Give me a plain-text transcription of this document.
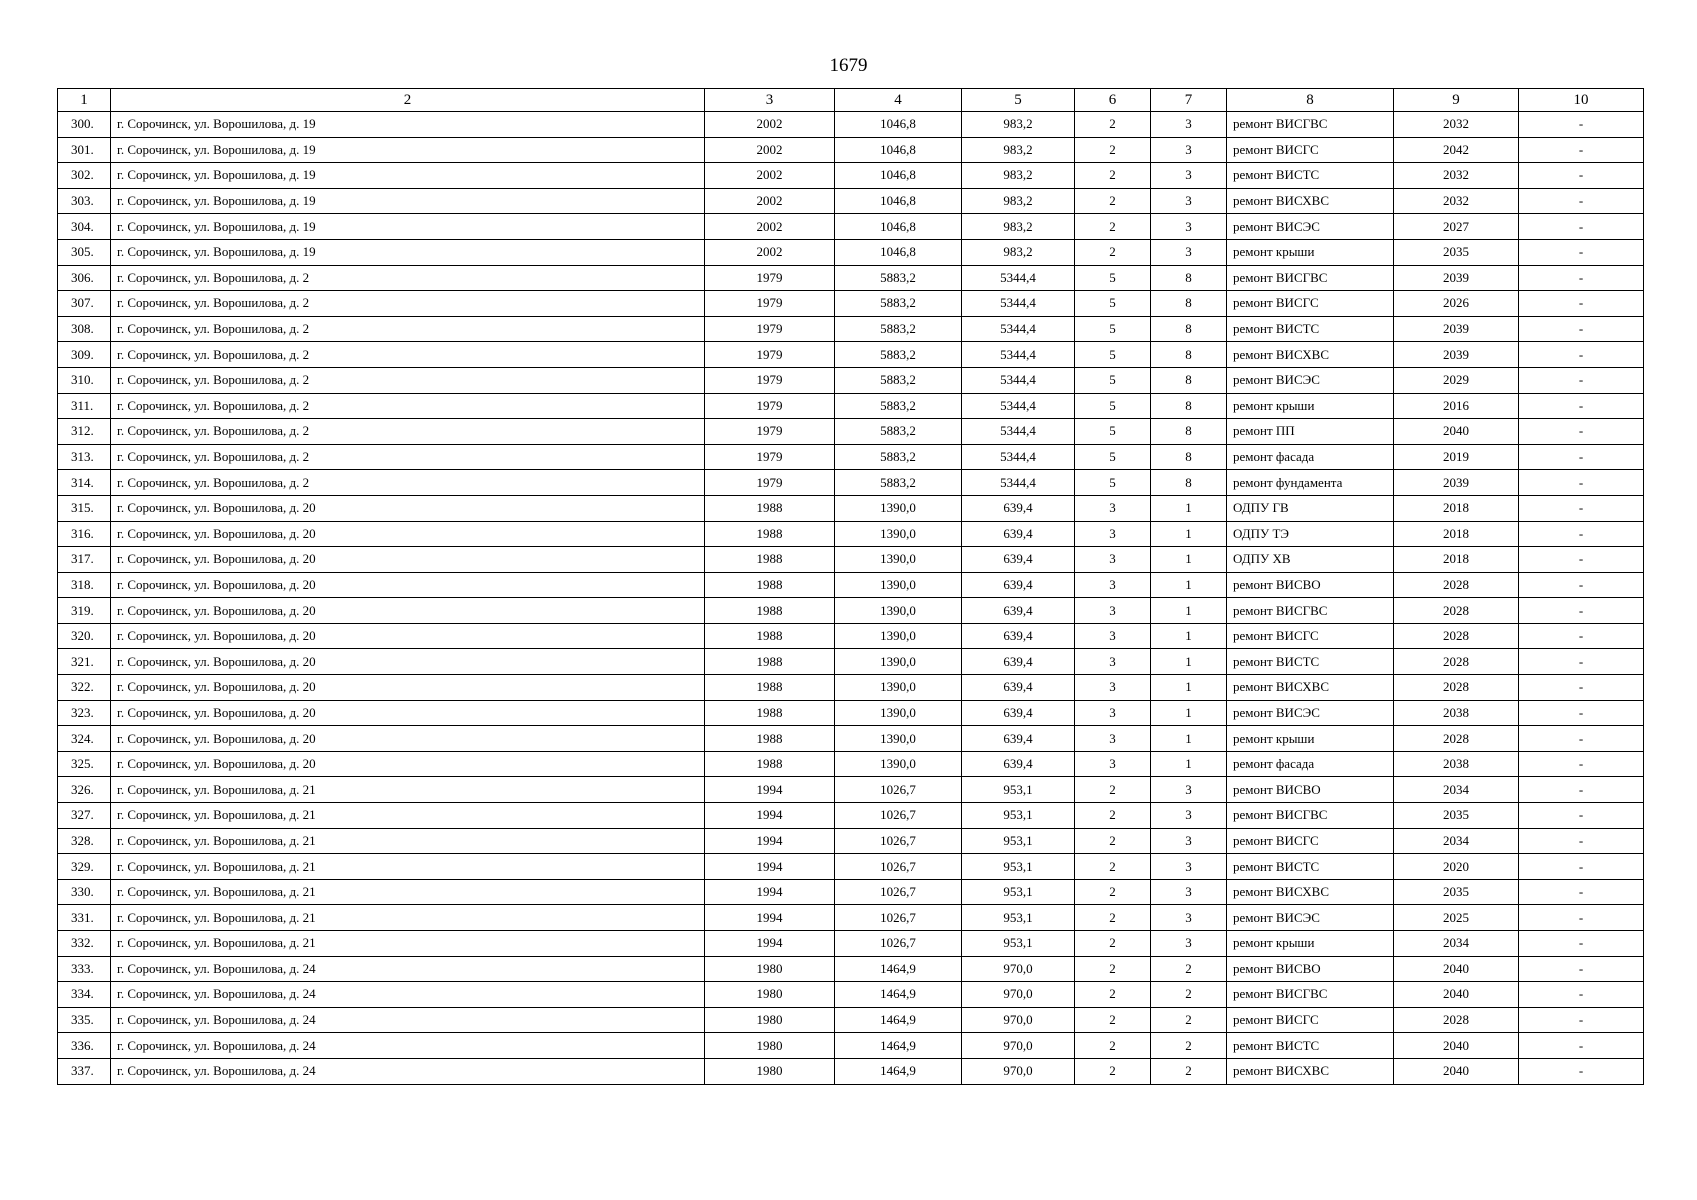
1679
1	2	3	4	5	6	7	8	9	10
300.	г. Сорочинск, ул. Ворошилова, д. 19	2002	1046,8	983,2	2	3	ремонт ВИСГВС	2032	-
301.	г. Сорочинск, ул. Ворошилова, д. 19	2002	1046,8	983,2	2	3	ремонт ВИСГС	2042	-
302.	г. Сорочинск, ул. Ворошилова, д. 19	2002	1046,8	983,2	2	3	ремонт ВИСТС	2032	-
303.	г. Сорочинск, ул. Ворошилова, д. 19	2002	1046,8	983,2	2	3	ремонт ВИСХВС	2032	-
304.	г. Сорочинск, ул. Ворошилова, д. 19	2002	1046,8	983,2	2	3	ремонт ВИСЭС	2027	-
305.	г. Сорочинск, ул. Ворошилова, д. 19	2002	1046,8	983,2	2	3	ремонт крыши	2035	-
306.	г. Сорочинск, ул. Ворошилова, д. 2	1979	5883,2	5344,4	5	8	ремонт ВИСГВС	2039	-
307.	г. Сорочинск, ул. Ворошилова, д. 2	1979	5883,2	5344,4	5	8	ремонт ВИСГС	2026	-
308.	г. Сорочинск, ул. Ворошилова, д. 2	1979	5883,2	5344,4	5	8	ремонт ВИСТС	2039	-
309.	г. Сорочинск, ул. Ворошилова, д. 2	1979	5883,2	5344,4	5	8	ремонт ВИСХВС	2039	-
310.	г. Сорочинск, ул. Ворошилова, д. 2	1979	5883,2	5344,4	5	8	ремонт ВИСЭС	2029	-
311.	г. Сорочинск, ул. Ворошилова, д. 2	1979	5883,2	5344,4	5	8	ремонт крыши	2016	-
312.	г. Сорочинск, ул. Ворошилова, д. 2	1979	5883,2	5344,4	5	8	ремонт ПП	2040	-
313.	г. Сорочинск, ул. Ворошилова, д. 2	1979	5883,2	5344,4	5	8	ремонт фасада	2019	-
314.	г. Сорочинск, ул. Ворошилова, д. 2	1979	5883,2	5344,4	5	8	ремонт фундамента	2039	-
315.	г. Сорочинск, ул. Ворошилова, д. 20	1988	1390,0	639,4	3	1	ОДПУ ГВ	2018	-
316.	г. Сорочинск, ул. Ворошилова, д. 20	1988	1390,0	639,4	3	1	ОДПУ ТЭ	2018	-
317.	г. Сорочинск, ул. Ворошилова, д. 20	1988	1390,0	639,4	3	1	ОДПУ ХВ	2018	-
318.	г. Сорочинск, ул. Ворошилова, д. 20	1988	1390,0	639,4	3	1	ремонт ВИСВО	2028	-
319.	г. Сорочинск, ул. Ворошилова, д. 20	1988	1390,0	639,4	3	1	ремонт ВИСГВС	2028	-
320.	г. Сорочинск, ул. Ворошилова, д. 20	1988	1390,0	639,4	3	1	ремонт ВИСГС	2028	-
321.	г. Сорочинск, ул. Ворошилова, д. 20	1988	1390,0	639,4	3	1	ремонт ВИСТС	2028	-
322.	г. Сорочинск, ул. Ворошилова, д. 20	1988	1390,0	639,4	3	1	ремонт ВИСХВС	2028	-
323.	г. Сорочинск, ул. Ворошилова, д. 20	1988	1390,0	639,4	3	1	ремонт ВИСЭС	2038	-
324.	г. Сорочинск, ул. Ворошилова, д. 20	1988	1390,0	639,4	3	1	ремонт крыши	2028	-
325.	г. Сорочинск, ул. Ворошилова, д. 20	1988	1390,0	639,4	3	1	ремонт фасада	2038	-
326.	г. Сорочинск, ул. Ворошилова, д. 21	1994	1026,7	953,1	2	3	ремонт ВИСВО	2034	-
327.	г. Сорочинск, ул. Ворошилова, д. 21	1994	1026,7	953,1	2	3	ремонт ВИСГВС	2035	-
328.	г. Сорочинск, ул. Ворошилова, д. 21	1994	1026,7	953,1	2	3	ремонт ВИСГС	2034	-
329.	г. Сорочинск, ул. Ворошилова, д. 21	1994	1026,7	953,1	2	3	ремонт ВИСТС	2020	-
330.	г. Сорочинск, ул. Ворошилова, д. 21	1994	1026,7	953,1	2	3	ремонт ВИСХВС	2035	-
331.	г. Сорочинск, ул. Ворошилова, д. 21	1994	1026,7	953,1	2	3	ремонт ВИСЭС	2025	-
332.	г. Сорочинск, ул. Ворошилова, д. 21	1994	1026,7	953,1	2	3	ремонт крыши	2034	-
333.	г. Сорочинск, ул. Ворошилова, д. 24	1980	1464,9	970,0	2	2	ремонт ВИСВО	2040	-
334.	г. Сорочинск, ул. Ворошилова, д. 24	1980	1464,9	970,0	2	2	ремонт ВИСГВС	2040	-
335.	г. Сорочинск, ул. Ворошилова, д. 24	1980	1464,9	970,0	2	2	ремонт ВИСГС	2028	-
336.	г. Сорочинск, ул. Ворошилова, д. 24	1980	1464,9	970,0	2	2	ремонт ВИСТС	2040	-
337.	г. Сорочинск, ул. Ворошилова, д. 24	1980	1464,9	970,0	2	2	ремонт ВИСХВС	2040	-
